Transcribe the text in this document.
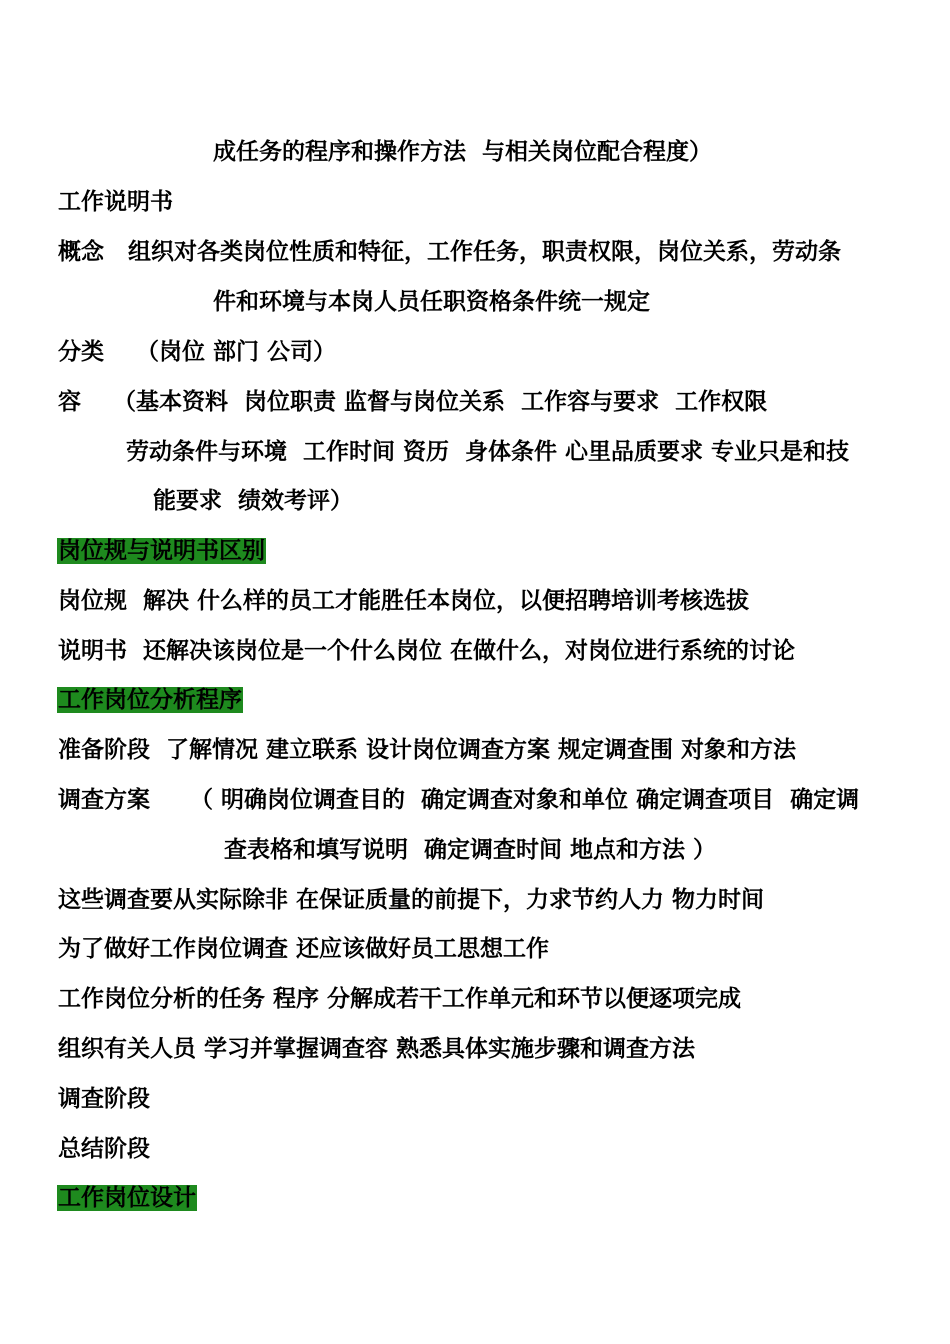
成任务的程序和操作方法  与相关岗位配合程度）
工作说明书
概念   组织对各类岗位性质和特征，工作任务，职责权限，岗位关系，劳动条
件和环境与本岗人员任职资格条件统一规定
分类    （岗位 部门 公司）
容    （基本资料  岗位职责 监督与岗位关系  工作容与要求  工作权限
劳动条件与环境  工作时间 资历  身体条件 心里品质要求 专业只是和技
能要求  绩效考评）
岗位规与说明书区别
岗位规  解决 什么样的员工才能胜任本岗位，以便招聘培训考核选拔
说明书  还解决该岗位是一个什么岗位 在做什么，对岗位进行系统的讨论
工作岗位分析程序
准备阶段  了解情况 建立联系 设计岗位调查方案 规定调查围 对象和方法
调查方案     （ 明确岗位调查目的  确定调查对象和单位 确定调查项目  确定调
查表格和填写说明  确定调查时间 地点和方法 ）
这些调查要从实际除非 在保证质量的前提下，力求节约人力 物力时间
为了做好工作岗位调查 还应该做好员工思想工作
工作岗位分析的任务 程序 分解成若干工作单元和环节以便逐项完成
组织有关人员 学习并掌握调查容 熟悉具体实施步骤和调查方法
调查阶段
总结阶段
工作岗位设计
